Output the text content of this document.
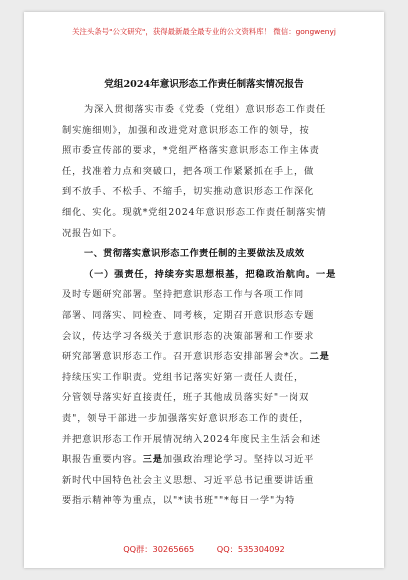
关注头条号"公文研究"，获得最新最全最专业的公文资料库！ 微信：gongwenyj
党组2024年意识形态工作责任制落实情况报告
为深入贯彻落实市委《党委（党组）意识形态工作责任
制实施细则》，加强和改进党对意识形态工作的领导，按
照市委宣传部的要求，*党组严格落实意识形态工作主体责
任，找准着力点和突破口，把各项工作紧紧抓在手上，做
到不放手、不松手、不缩手，切实推动意识形态工作深化
细化、实化。现就*党组2024年意识形态工作责任制落实情
况报告如下。
一、贯彻落实意识形态工作责任制的主要做法及成效
（一）强责任，持续夯实思想根基，把稳政治航向。一是
及时专题研究部署。坚持把意识形态工作与各项工作同
部署、同落实、同检查、同考核，定期召开意识形态专题
会议，传达学习各级关于意识形态的决策部署和工作要求
研究部署意识形态工作。召开意识形态安排部署会*次。二是
持续压实工作职责。党组书记落实好第一责任人责任，
分管领导落实好直接责任，班子其他成员落实好"一岗双
责"，领导干部进一步加强落实好意识形态工作的责任，
并把意识形态工作开展情况纳入2024年度民主生活会和述
职报告重要内容。三是加强政治理论学习。坚持以习近平
新时代中国特色社会主义思想、习近平总书记重要讲话重
要指示精神等为重点，以"*读书班""*每日一学"为特
QQ群：30265665	QQ：535304092
